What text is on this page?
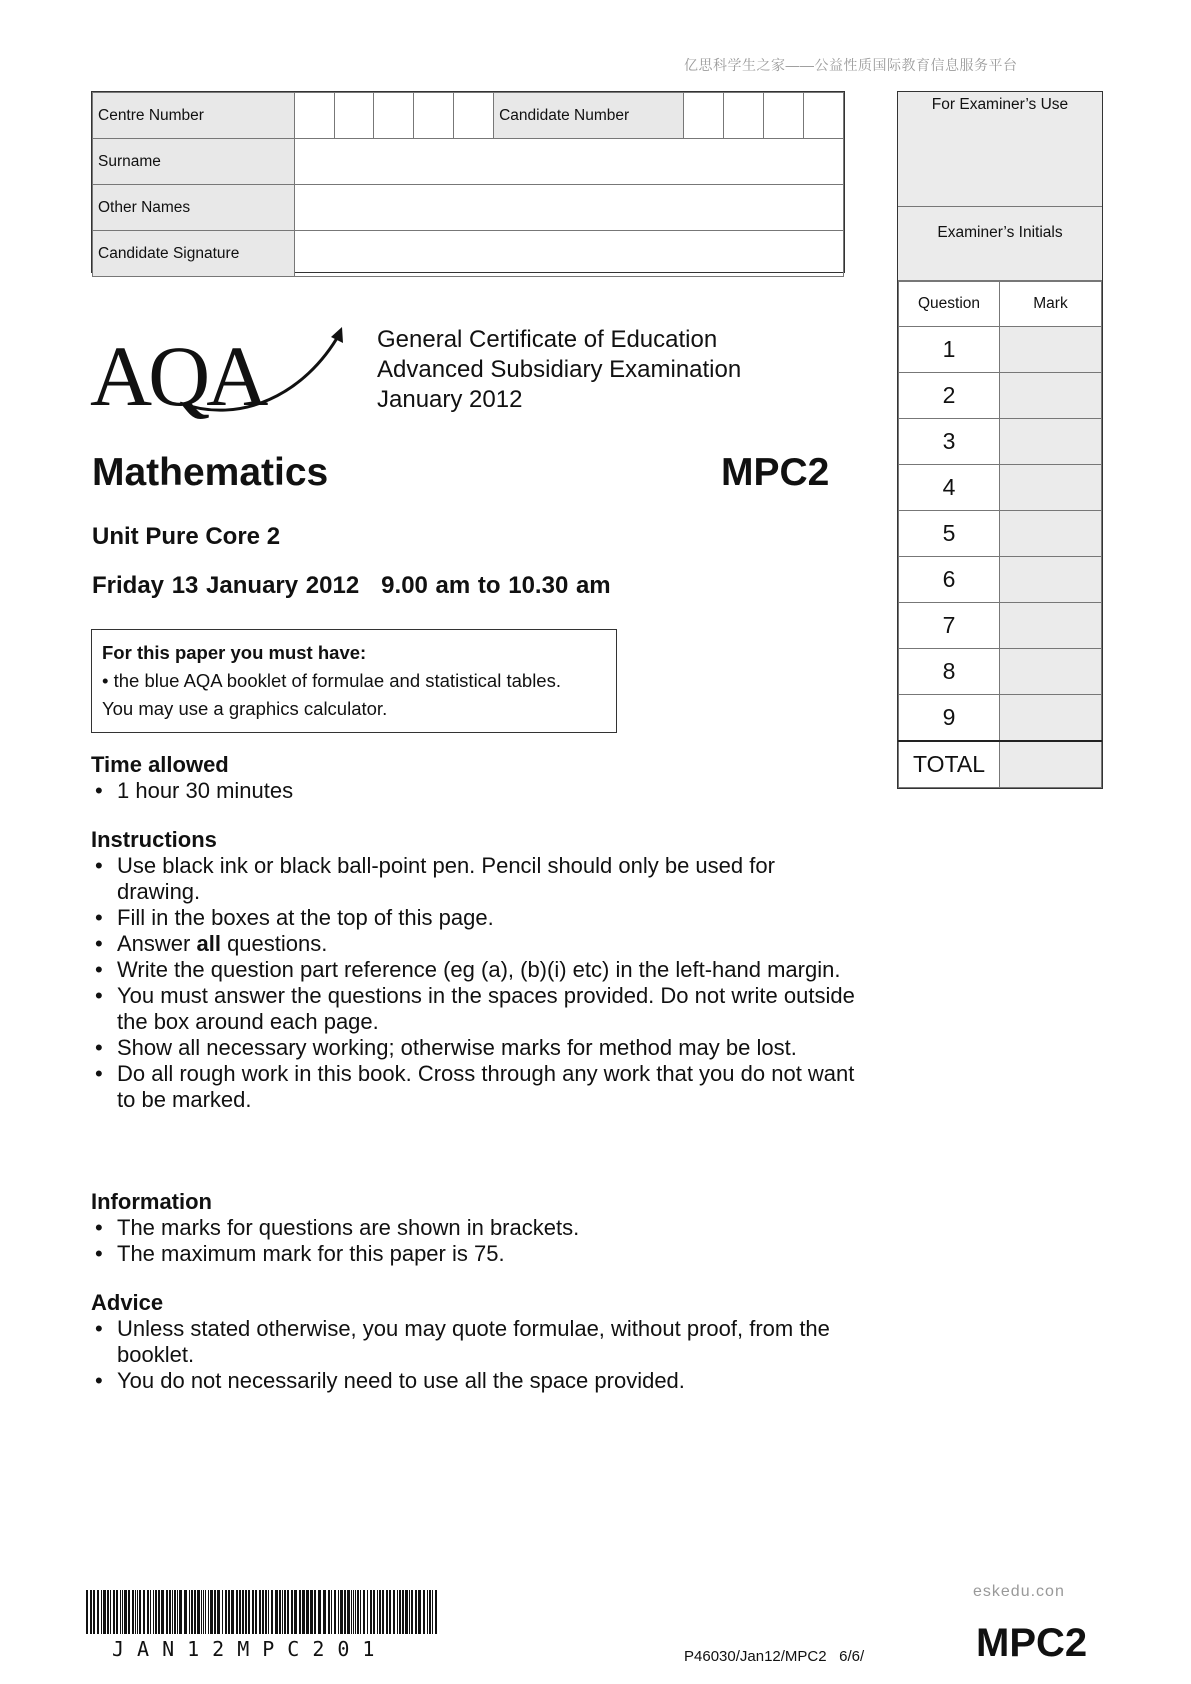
亿思科学生之家——公益性质国际教育信息服务平台
Centre Number						Candidate Number				
Surname										
Other Names										
Candidate Signature										
For Examiner’s Use
Examiner’s Initials
Question	Mark
1	
2	
3	
4	
5	
6	
7	
8	
9	
TOTAL	
AQA	General Certificate of Education
Advanced Subsidiary Examination
January 2012
Mathematics	MPC2
Unit Pure Core 2
Friday 13 January 2012 9.00 am to 10.30 am
For this paper you must have:
• the blue AQA booklet of formulae and statistical tables.
You may use a graphics calculator.
Time allowed
• 1 hour 30 minutes
Instructions
• Use black ink or black ball-point pen. Pencil should only be used for drawing.
• Fill in the boxes at the top of this page.
• Answer all questions.
• Write the question part reference (eg (a), (b)(i) etc) in the left-hand margin.
• You must answer the questions in the spaces provided. Do not write outside the box around each page.
• Show all necessary working; otherwise marks for method may be lost.
• Do all rough work in this book. Cross through any work that you do not want to be marked.
Information
• The marks for questions are shown in brackets.
• The maximum mark for this paper is 75.
Advice
• Unless stated otherwise, you may quote formulae, without proof, from the booklet.
• You do not necessarily need to use all the space provided.
eskedu.con
JAN12MPC201	P46030/Jan12/MPC2   6/6/	MPC2
